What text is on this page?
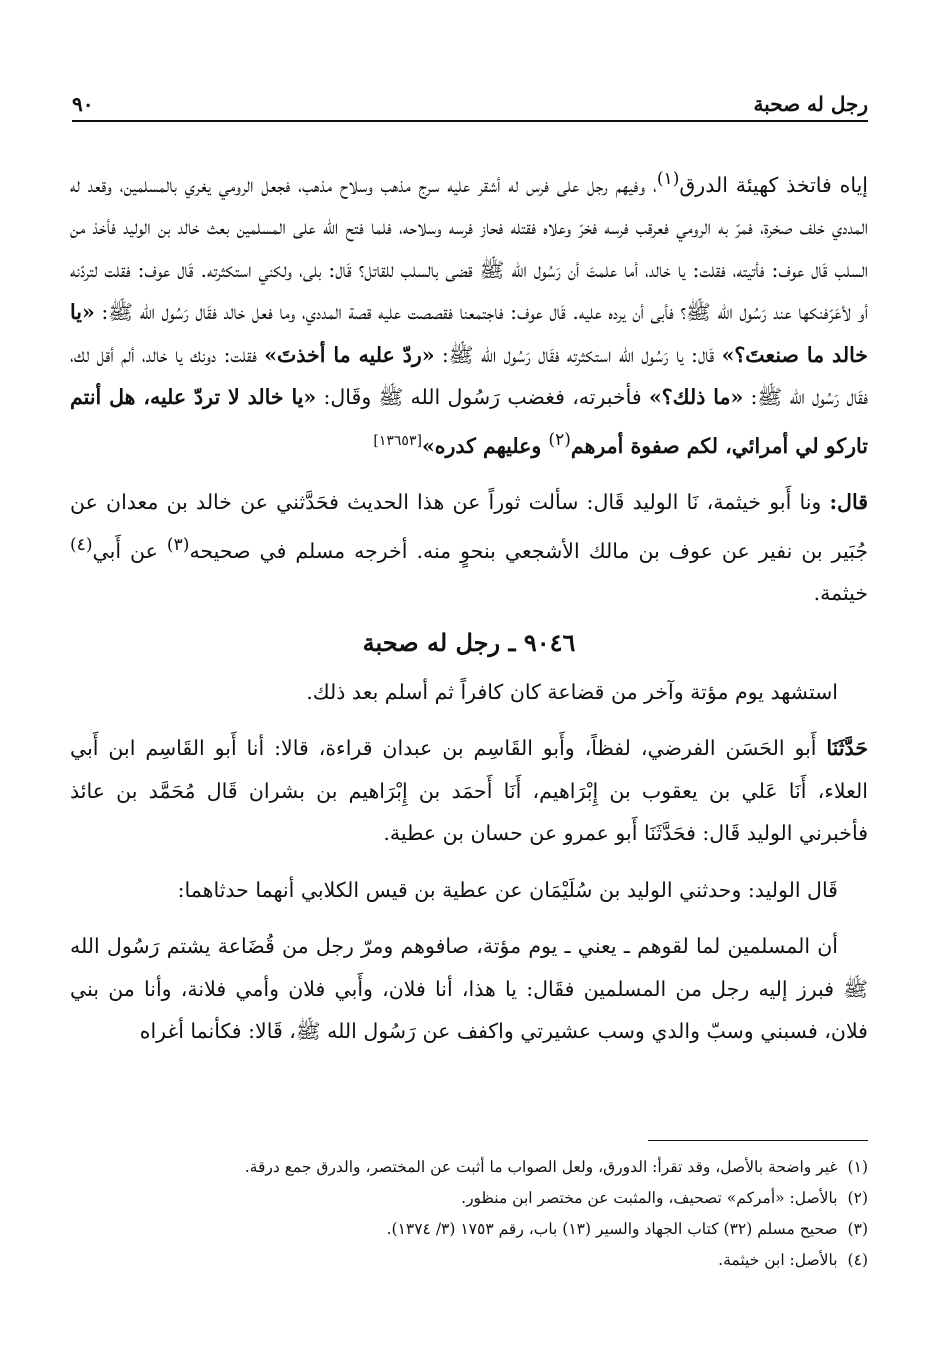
رجل له صحبة
٩٠

إياه فاتخذ كهيئة الدرق$^{(١)}$، وفيهم رجل على فرس له أشقر عليه سرج مذهب وسلاح مذهب، فجعل الرومي يغري بالمسلمين، وقعد له المددي خلف صخرة، فمرّ به الرومي فعرقب فرسه فخرّ وعلاه فقتله فحاز فرسه وسلاحه، فلما فتح الله على المسلمين بعث خالد بن الوليد فأخذ من السلب قَال عوف: فأتيته، فقلت: يا خالد، أما علمتَ أن رَسُول الله ﷺ قضى بالسلب للقاتل؟ قَال: بلى، ولكني استكثرته. قَال عوف: فقلت لتردّنه أو لأعَرّفنكها عند رَسُول الله ﷺ؟ فأبى أن يرده عليه. قَال عوف: فاجتمعنا فقصصت عليه قصة المددي، وما فعل خالد فقَال رَسُول الله ﷺ: «يا خالد ما صنعتَ؟» قَال: يا رَسُول الله استكثرته فقَال رَسُول الله ﷺ: «ردّ عليه ما أخذتَ» فقلت: دونك يا خالد، ألم أقل لك، فقَال رَسُول الله ﷺ: «ما ذلك؟» فأخبرته، فغضب رَسُول الله ﷺ وقَال: «يا خالد لا تردّ عليه، هل أنتم تاركو لي أمرائي، لكم صفوة أمرهم$^{(٢)}$ وعليهم كدره»[١٣٦٥٣]

قال: ونا أَبو خيثمة، نَا الوليد قَال: سألت ثوراً عن هذا الحديث فحَدَّثني عن خالد بن معدان عن جُبَير بن نفير عن عوف بن مالك الأشجعي بنحوٍ منه. أخرجه مسلم في صحيحه$^{(٣)}$ عن أَبي$^{(٤)}$ خيثمة.

٩٠٤٦ ـ رجل له صحبة

استشهد يوم مؤتة وآخر من قضاعة كان كافراً ثم أسلم بعد ذلك.

حَدَّثَنَا أَبو الحَسَن الفرضي، لفظاً، وأَبو القَاسِم بن عبدان قراءة، قالا: أنا أَبو القَاسِم ابن أَبي العلاء، أَنَا عَلي بن يعقوب بن إِبْرَاهيم، أَنَا أَحمَد بن إِبْرَاهيم بن بشران قَال مُحَمَّد بن عائذ فأخبرني الوليد قَال: فحَدَّثَنَا أَبو عمرو عن حسان بن عطية.

قَال الوليد: وحدثني الوليد بن سُلَيْمَان عن عطية بن قيس الكلابي أنهما حدثاهما:

أن المسلمين لما لقوهم ـ يعني ـ يوم مؤتة، صافوهم ومرّ رجل من قُضَاعة يشتم رَسُول الله ﷺ فبرز إليه رجل من المسلمين فقَال: يا هذا، أنا فلان، وأَبي فلان وأمي فلانة، وأنا من بني فلان، فسبني وسبّ والدي وسب عشيرتي واكفف عن رَسُول الله ﷺ، قَالا: فكأنما أغراه

(١)
غير واضحة بالأصل، وقد تقرأ: الدورق، ولعل الصواب ما أثبت عن المختصر، والدرق جمع درقة.
(٢)
بالأصل: «أمركم» تصحيف، والمثبت عن مختصر ابن منظور.
(٣)
صحيح مسلم (٣٢) كتاب الجهاد والسير (١٣) باب، رقم ١٧٥٣ (٣/ ١٣٧٤).
(٤)
بالأصل: ابن خيثمة.
